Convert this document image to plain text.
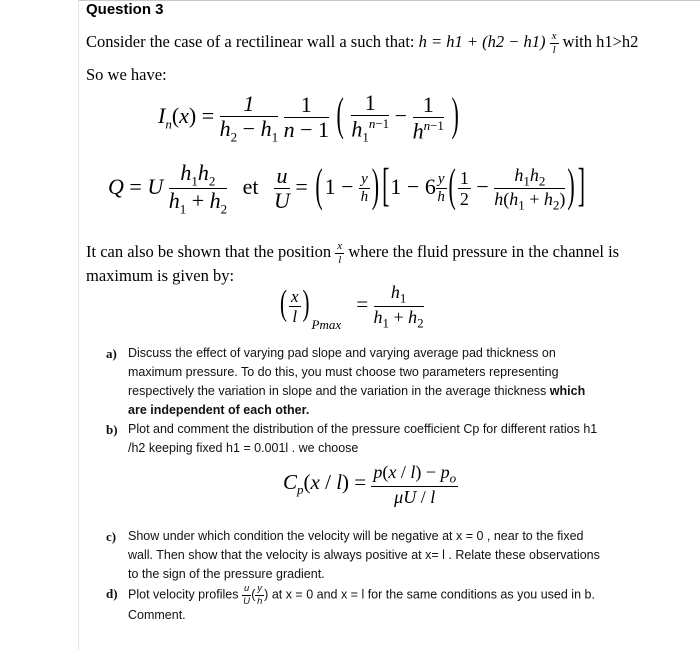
Question 3
Consider the case of a rectilinear wall a such that: $h = h1 + (h2 - h1) \frac{x}{l}$ with h1>h2
So we have:
$I_n(x) = \frac{1}{h_2 - h_1}$
$\frac{1}{n - 1}$ ( $\frac{1}{h_1^{n-1}} - \frac{1}{h^{n-1}}$ )
Q = U $\frac{h_1h_2}{h_1 + h_2}$ et $\frac{u}{U} = (1 - \frac{y}{h}$ ) [$1 - 6 \frac{y}{h}$ ( $\frac{1}{2} - \frac{h_1h_2}{h(h_1 + h_2)}$ ) ]
It can also be shown that the position $\frac{x}{l}$ where the fluid pressure in the channel is
maximum is given by:
( $\frac{x}{l} )_{Pmax} = \frac{h_1}{h_1 + h_2}$
a) Discuss the effect of varying pad slope and varying average pad thickness on maximum pressure. To do this, you must choose two parameters representing respectively the variation in slope and the variation in the average thickness which are independent of each other.
b) Plot and comment the distribution of the pressure coefficient Cp for different ratios h1 /h2 keeping fixed h1 = 0.001l . we choose
$C_p(x / l) = \frac{p(x / l) - p_o}{\mu U / l}$
c) Show under which condition the velocity will be negative at x = 0 , near to the fixed wall. Then show that the velocity is always positive at x= l . Relate these observations to the sign of the pressure gradient.
d) Plot velocity profiles $\frac{u}{U}$ ( $\frac{y}{h}$ ) at x = 0 and x = l for the same conditions as you used in b.
Comment.
